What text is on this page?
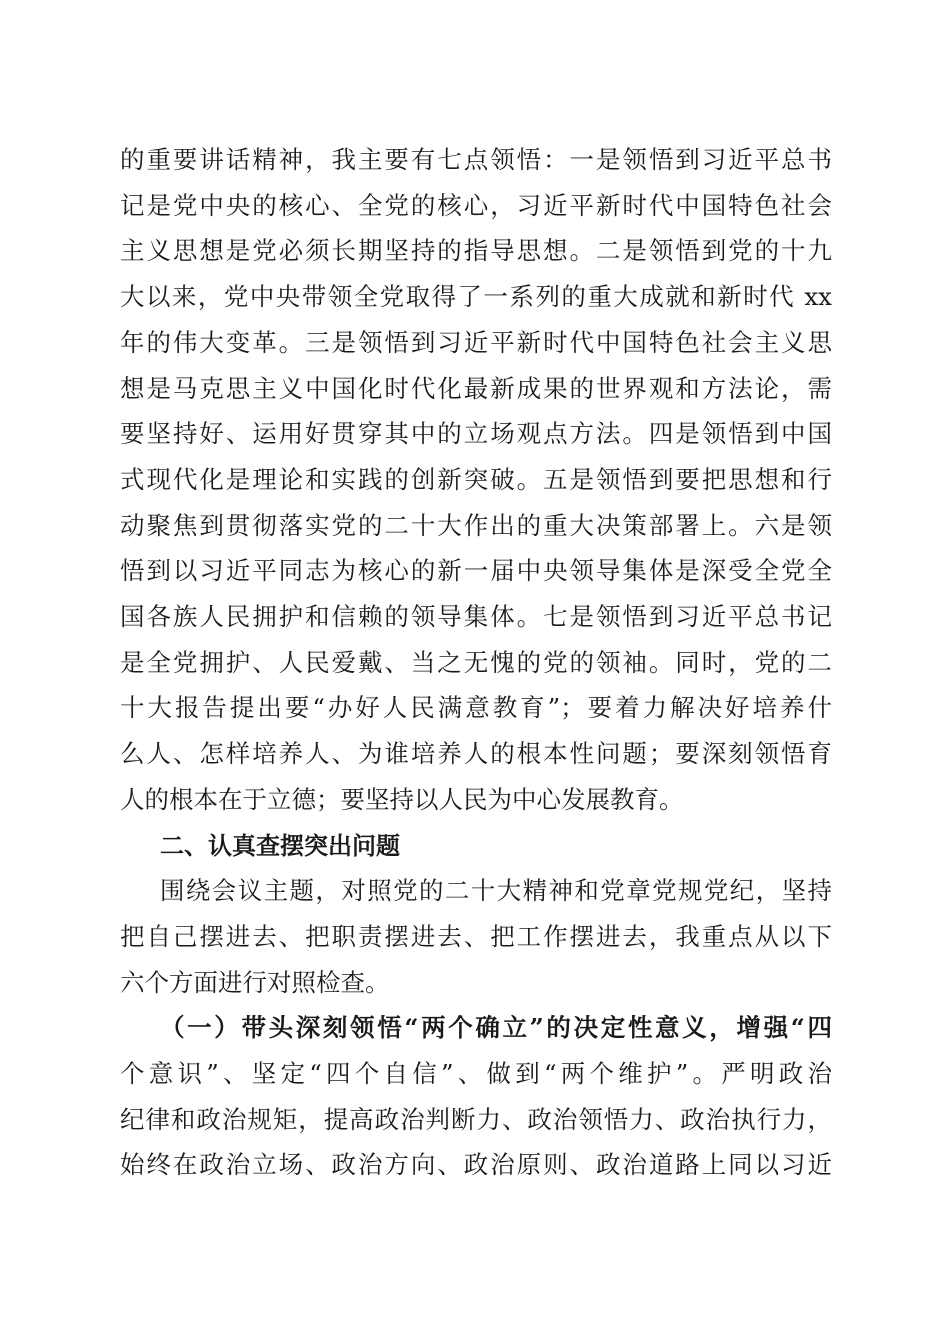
的重要讲话精神，我主要有七点领悟：一是领悟到习近平总书
记是党中央的核心、全党的核心，习近平新时代中国特色社会
主义思想是党必须长期坚持的指导思想。二是领悟到党的十九
大以来，党中央带领全党取得了一系列的重大成就和新时代 xx
年的伟大变革。三是领悟到习近平新时代中国特色社会主义思
想是马克思主义中国化时代化最新成果的世界观和方法论，需
要坚持好、运用好贯穿其中的立场观点方法。四是领悟到中国
式现代化是理论和实践的创新突破。五是领悟到要把思想和行
动聚焦到贯彻落实党的二十大作出的重大决策部署上。六是领
悟到以习近平同志为核心的新一届中央领导集体是深受全党全
国各族人民拥护和信赖的领导集体。七是领悟到习近平总书记
是全党拥护、人民爱戴、当之无愧的党的领袖。同时，党的二
十大报告提出要“办好人民满意教育”；要着力解决好培养什
么人、怎样培养人、为谁培养人的根本性问题；要深刻领悟育
人的根本在于立德；要坚持以人民为中心发展教育。
二、认真查摆突出问题
围绕会议主题，对照党的二十大精神和党章党规党纪，坚持
把自己摆进去、把职责摆进去、把工作摆进去，我重点从以下
六个方面进行对照检查。
（一）带头深刻领悟“两个确立”的决定性意义，增强“四
个意识”、坚定“四个自信”、做到“两个维护”。严明政治
纪律和政治规矩，提高政治判断力、政治领悟力、政治执行力，
始终在政治立场、政治方向、政治原则、政治道路上同以习近
